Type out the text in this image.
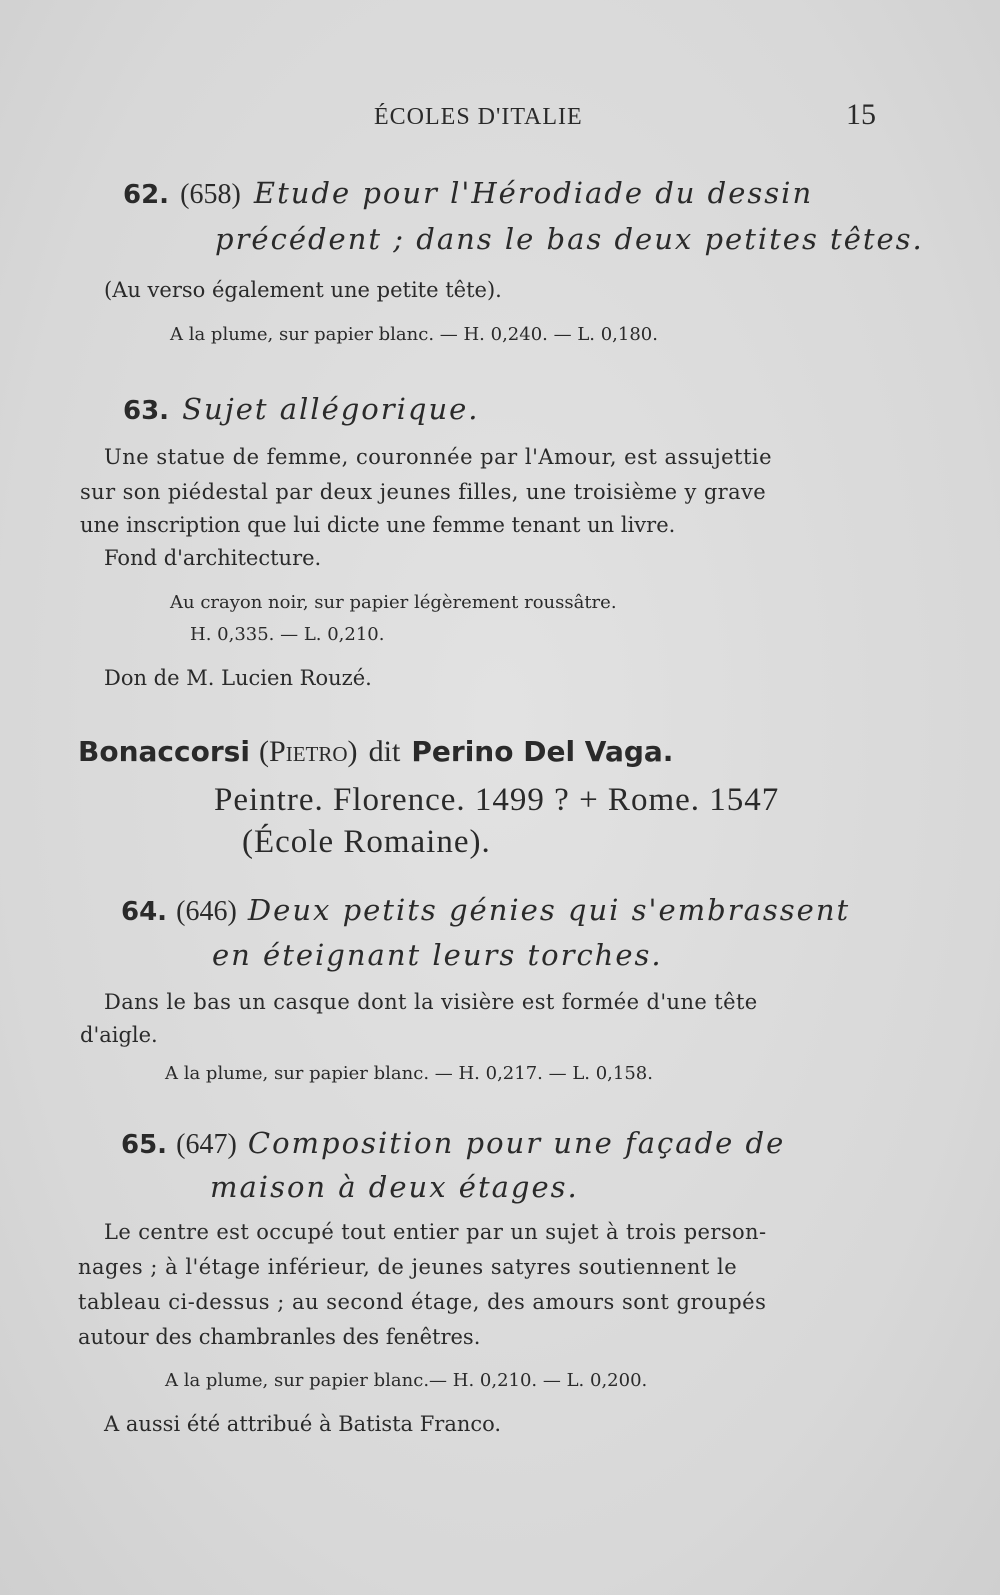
ÉCOLES D'ITALIE	15
62. (658) Etude pour l'Hérodiade du dessin
précédent ; dans le bas deux petites têtes.
(Au verso également une petite tête).
A la plume, sur papier blanc. — H. 0,240. — L. 0,180.
63. Sujet allégorique.
Une statue de femme, couronnée par l'Amour, est assujettie
sur son piédestal par deux jeunes filles, une troisième y grave
une inscription que lui dicte une femme tenant un livre.
Fond d'architecture.
Au crayon noir, sur papier légèrement roussâtre.
H. 0,335. — L. 0,210.
Don de M. Lucien Rouzé.
Bonaccorsi (Pietro) dit Perino Del Vaga.
Peintre. Florence. 1499 ? + Rome. 1547
(École Romaine).
64. (646) Deux petits génies qui s'embrassent
en éteignant leurs torches.
Dans le bas un casque dont la visière est formée d'une tête
d'aigle.
A la plume, sur papier blanc. — H. 0,217. — L. 0,158.
65. (647) Composition pour une façade de
maison à deux étages.
Le centre est occupé tout entier par un sujet à trois person-
nages ; à l'étage inférieur, de jeunes satyres soutiennent le
tableau ci-dessus ; au second étage, des amours sont groupés
autour des chambranles des fenêtres.
A la plume, sur papier blanc.— H. 0,210. — L. 0,200.
A aussi été attribué à Batista Franco.
